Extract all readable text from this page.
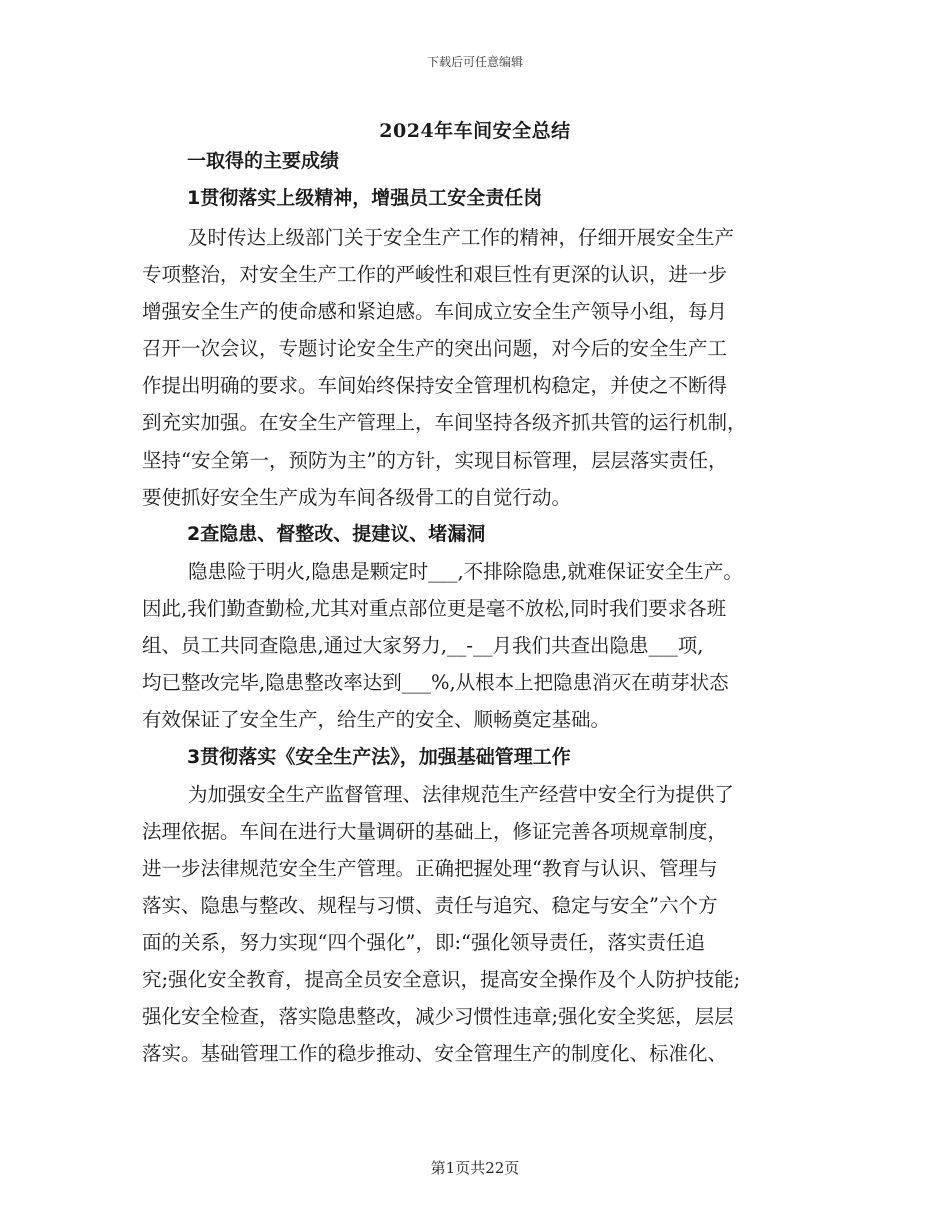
下载后可任意编辑
2024年车间安全总结
一取得的主要成绩
1贯彻落实上级精神，增强员工安全责任岗
及时传达上级部门关于安全生产工作的精神，仔细开展安全生产
专项整治，对安全生产工作的严峻性和艰巨性有更深的认识，进一步
增强安全生产的使命感和紧迫感。车间成立安全生产领导小组，每月
召开一次会议，专题讨论安全生产的突出问题，对今后的安全生产工
作提出明确的要求。车间始终保持安全管理机构稳定，并使之不断得
到充实加强。在安全生产管理上，车间坚持各级齐抓共管的运行机制，
坚持“安全第一，预防为主”的方针，实现目标管理，层层落实责任，
要使抓好安全生产成为车间各级骨工的自觉行动。
2查隐患、督整改、提建议、堵漏洞
隐患险于明火,隐患是颗定时___,不排除隐患,就难保证安全生产。
因此,我们勤查勤检,尤其对重点部位更是毫不放松,同时我们要求各班
组、员工共同查隐患,通过大家努力,__-__月我们共查出隐患___项,
均已整改完毕,隐患整改率达到___%,从根本上把隐患消灭在萌芽状态
有效保证了安全生产，给生产的安全、顺畅奠定基础。
3贯彻落实《安全生产法》，加强基础管理工作
为加强安全生产监督管理、法律规范生产经营中安全行为提供了
法理依据。车间在进行大量调研的基础上，修证完善各项规章制度，
进一步法律规范安全生产管理。正确把握处理“教育与认识、管理与
落实、隐患与整改、规程与习惯、责任与追究、稳定与安全”六个方
面的关系，努力实现“四个强化”，即:“强化领导责任，落实责任追
究;强化安全教育，提高全员安全意识，提高安全操作及个人防护技能;
强化安全检查，落实隐患整改，减少习惯性违章;强化安全奖惩，层层
落实。基础管理工作的稳步推动、安全管理生产的制度化、标准化、
第1页共22页
